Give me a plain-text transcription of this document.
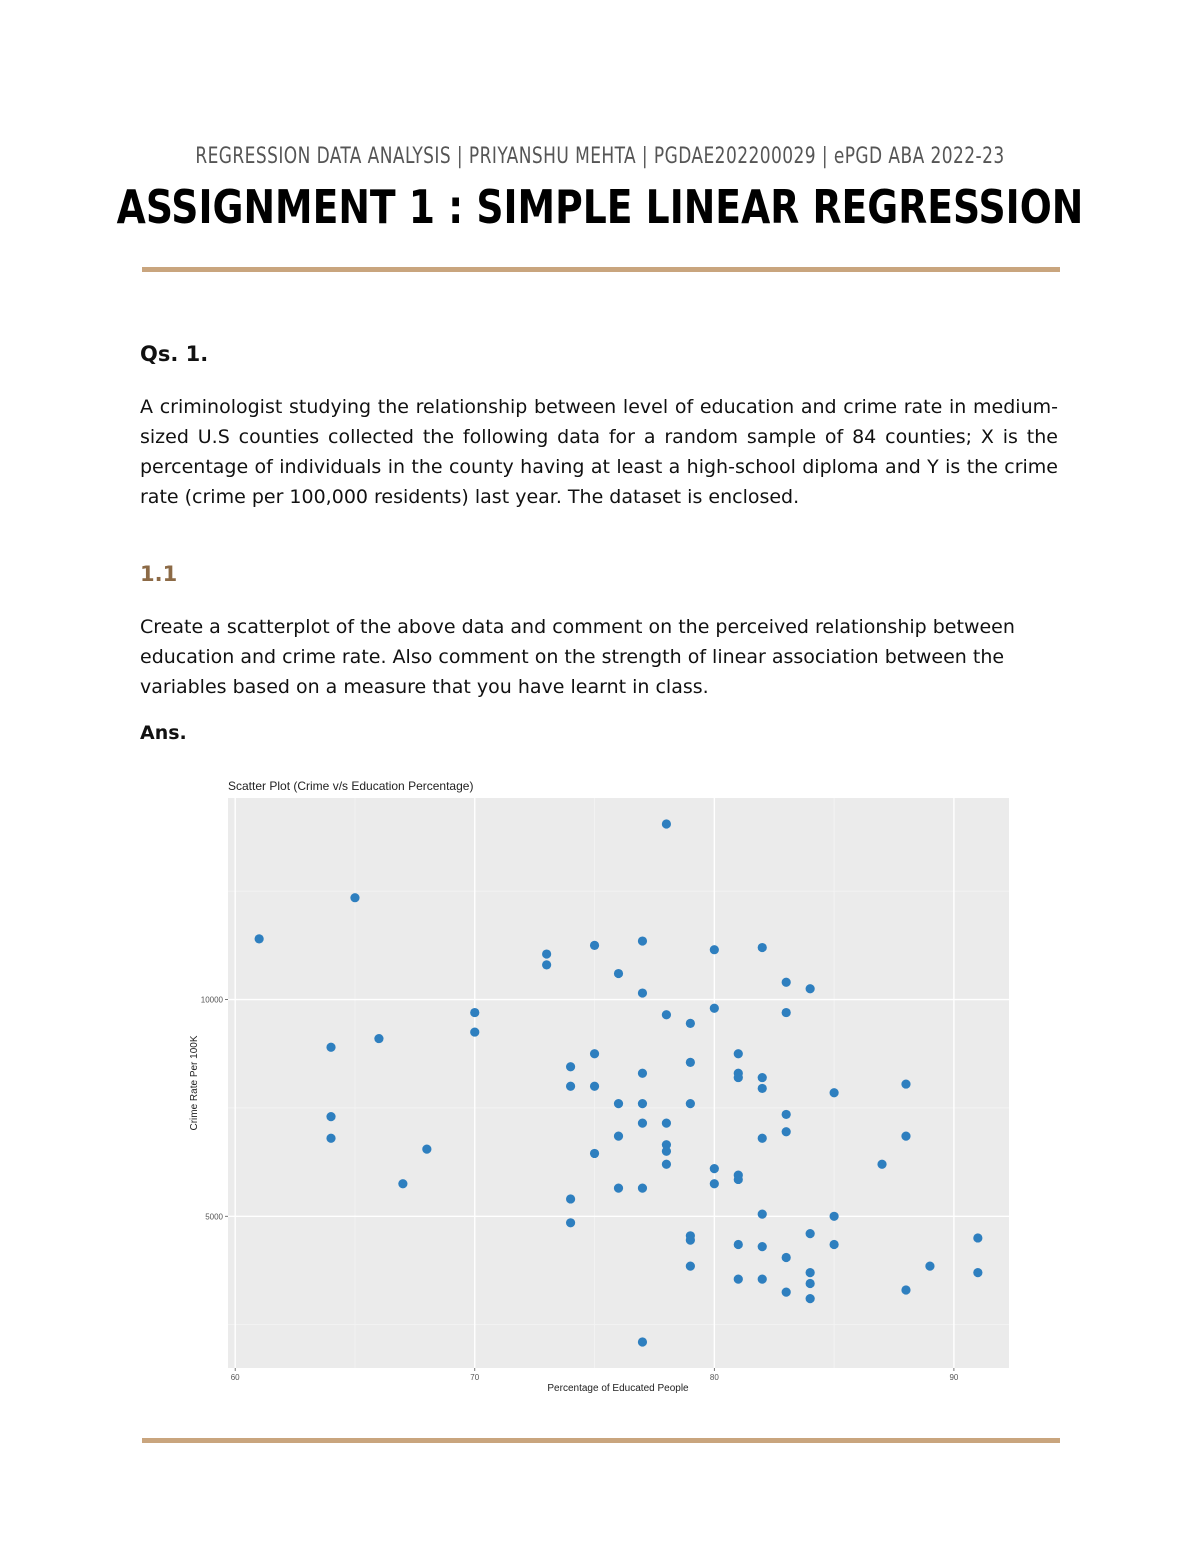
REGRESSION DATA ANALYSIS | PRIYANSHU MEHTA | PGDAE202200029 | ePGD ABA 2022-23
ASSIGNMENT 1 : SIMPLE LINEAR REGRESSION
Qs. 1.

A criminologist studying the relationship between level of education and crime rate in medium-sized U.S counties collected the following data for a random sample of 84 counties; X is the percentage of individuals in the county having at least a high-school diploma and Y is the crime rate (crime per 100,000 residents) last year. The dataset is enclosed.

1.1

Create a scatterplot of the above data and comment on the perceived relationship between education and crime rate. Also comment on the strength of linear association between the variables based on a measure that you have learnt in class.

Ans.
Scatter Plot (Crime v/s Education Percentage)
60	70	80	90
5000
10000
Percentage of Educated People
Crime Rate Per 100K
